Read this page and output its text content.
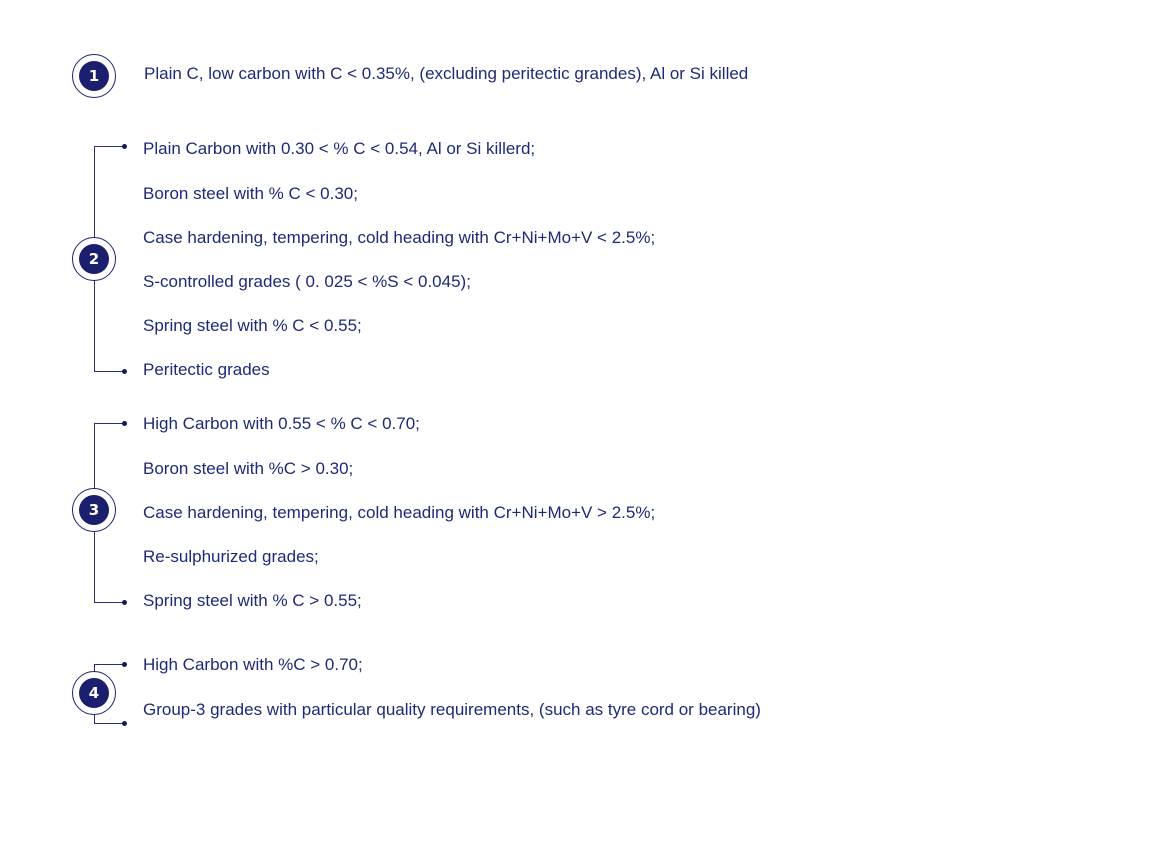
1	Plain C, low carbon with C < 0.35%, (excluding peritectic grandes), Al or Si killed
2
Plain Carbon with 0.30 < % C < 0.54, Al or Si killerd;
Boron steel with % C < 0.30;
Case hardening, tempering, cold heading with Cr+Ni+Mo+V < 2.5%;
S-controlled grades ( 0. 025 < %S < 0.045);
Spring steel with % C < 0.55;
Peritectic grades
3
High Carbon with 0.55 < % C < 0.70;
Boron steel with %C > 0.30;
Case hardening, tempering, cold heading with Cr+Ni+Mo+V > 2.5%;
Re-sulphurized grades;
Spring steel with % C > 0.55;
4
High Carbon with %C > 0.70;
Group-3 grades with particular quality requirements, (such as tyre cord or bearing)
